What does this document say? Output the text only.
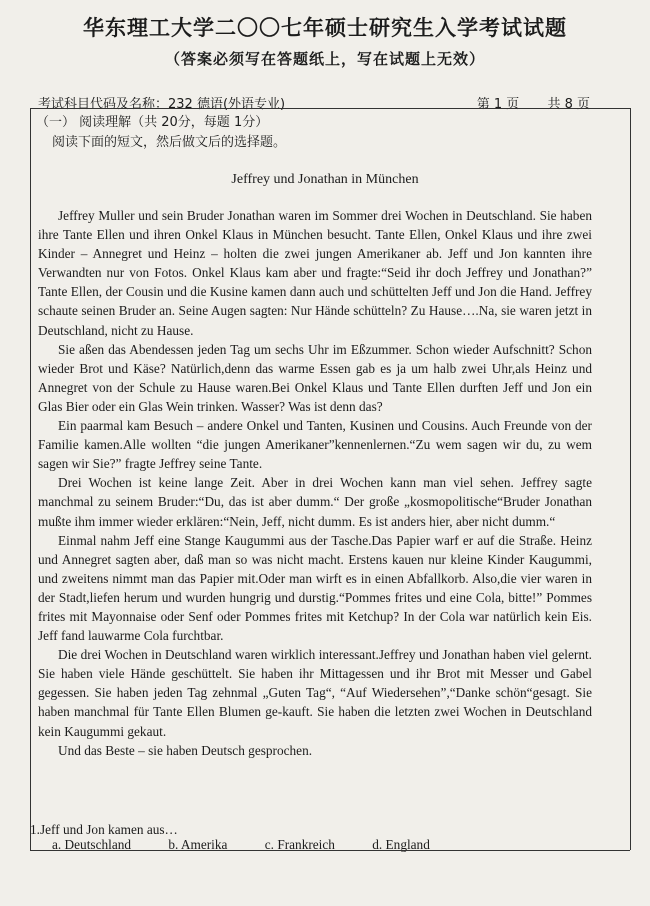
华东理工大学二〇〇七年硕士研究生入学考试试题
（答案必须写在答题纸上，写在试题上无效）
考试科目代码及名称：232 德语(外语专业)	第 1 页 共 8 页
（一） 阅读理解（共 20分，每题 1分）
阅读下面的短文，然后做文后的选择题。
Jeffrey und Jonathan in München

Jeffrey Muller und sein Bruder Jonathan waren im Sommer drei Wochen in Deutschland. Sie haben ihre Tante Ellen und ihren Onkel Klaus in München besucht. Tante Ellen, Onkel Klaus und ihre zwei Kinder – Annegret und Heinz – holten die zwei jungen Amerikaner ab. Jeff und Jon kannten ihre Verwandten nur von Fotos. Onkel Klaus kam aber und fragte:“Seid ihr doch Jeffrey und Jonathan?” Tante Ellen, der Cousin und die Kusine kamen dann auch und schüttelten Jeff und Jon die Hand. Jeffrey schaute seinen Bruder an. Seine Augen sagten: Nur Hände schütteln? Zu Hause….Na, sie waren jetzt in Deutschland, nicht zu Hause.

Sie aßen das Abendessen jeden Tag um sechs Uhr im Eßzummer. Schon wieder Aufschnitt? Schon wieder Brot und Käse? Natürlich,denn das warme Essen gab es ja um halb zwei Uhr,als Heinz und Annegret von der Schule zu Hause waren.Bei Onkel Klaus und Tante Ellen durften Jeff und Jon ein Glas Bier oder ein Glas Wein trinken. Wasser? Was ist denn das?

Ein paarmal kam Besuch – andere Onkel und Tanten, Kusinen und Cousins. Auch Freunde von der Familie kamen.Alle wollten “die jungen Amerikaner”kennenlernen.“Zu wem sagen wir du, zu wem sagen wir Sie?” fragte Jeffrey seine Tante.

Drei Wochen ist keine lange Zeit. Aber in drei Wochen kann man viel sehen. Jeffrey sagte manchmal zu seinem Bruder:“Du, das ist aber dumm.“ Der große „kosmopolitische“Bruder Jonathan mußte ihm immer wieder erklären:“Nein, Jeff, nicht dumm. Es ist anders hier, aber nicht dumm.“

Einmal nahm Jeff eine Stange Kaugummi aus der Tasche.Das Papier warf er auf die Straße. Heinz und Annegret sagten aber, daß man so was nicht macht. Erstens kauen nur kleine Kinder Kaugummi, und zweitens nimmt man das Papier mit.Oder man wirft es in einen Abfallkorb. Also,die vier waren in der Stadt,liefen herum und wurden hungrig und durstig.“Pommes frites und eine Cola, bitte!” Pommes frites mit Mayonnaise oder Senf oder Pommes frites mit Ketchup? In der Cola war natürlich kein Eis. Jeff fand lauwarme Cola furchtbar.

Die drei Wochen in Deutschland waren wirklich interessant.Jeffrey und Jonathan haben viel gelernt. Sie haben viele Hände geschüttelt. Sie haben ihr Mittagessen und ihr Brot mit Messer und Gabel gegessen. Sie haben jeden Tag zehnmal „Guten Tag“, “Auf Wiedersehen”,“Danke schön“gesagt. Sie haben manchmal für Tante Ellen Blumen ge-kauft. Sie haben die letzten zwei Wochen in Deutschland kein Kaugummi gekaut.

Und das Beste – sie haben Deutsch gesprochen.

1.Jeff und Jon kamen aus…
a. Deutschland	b. Amerika	c. Frankreich	d. England
